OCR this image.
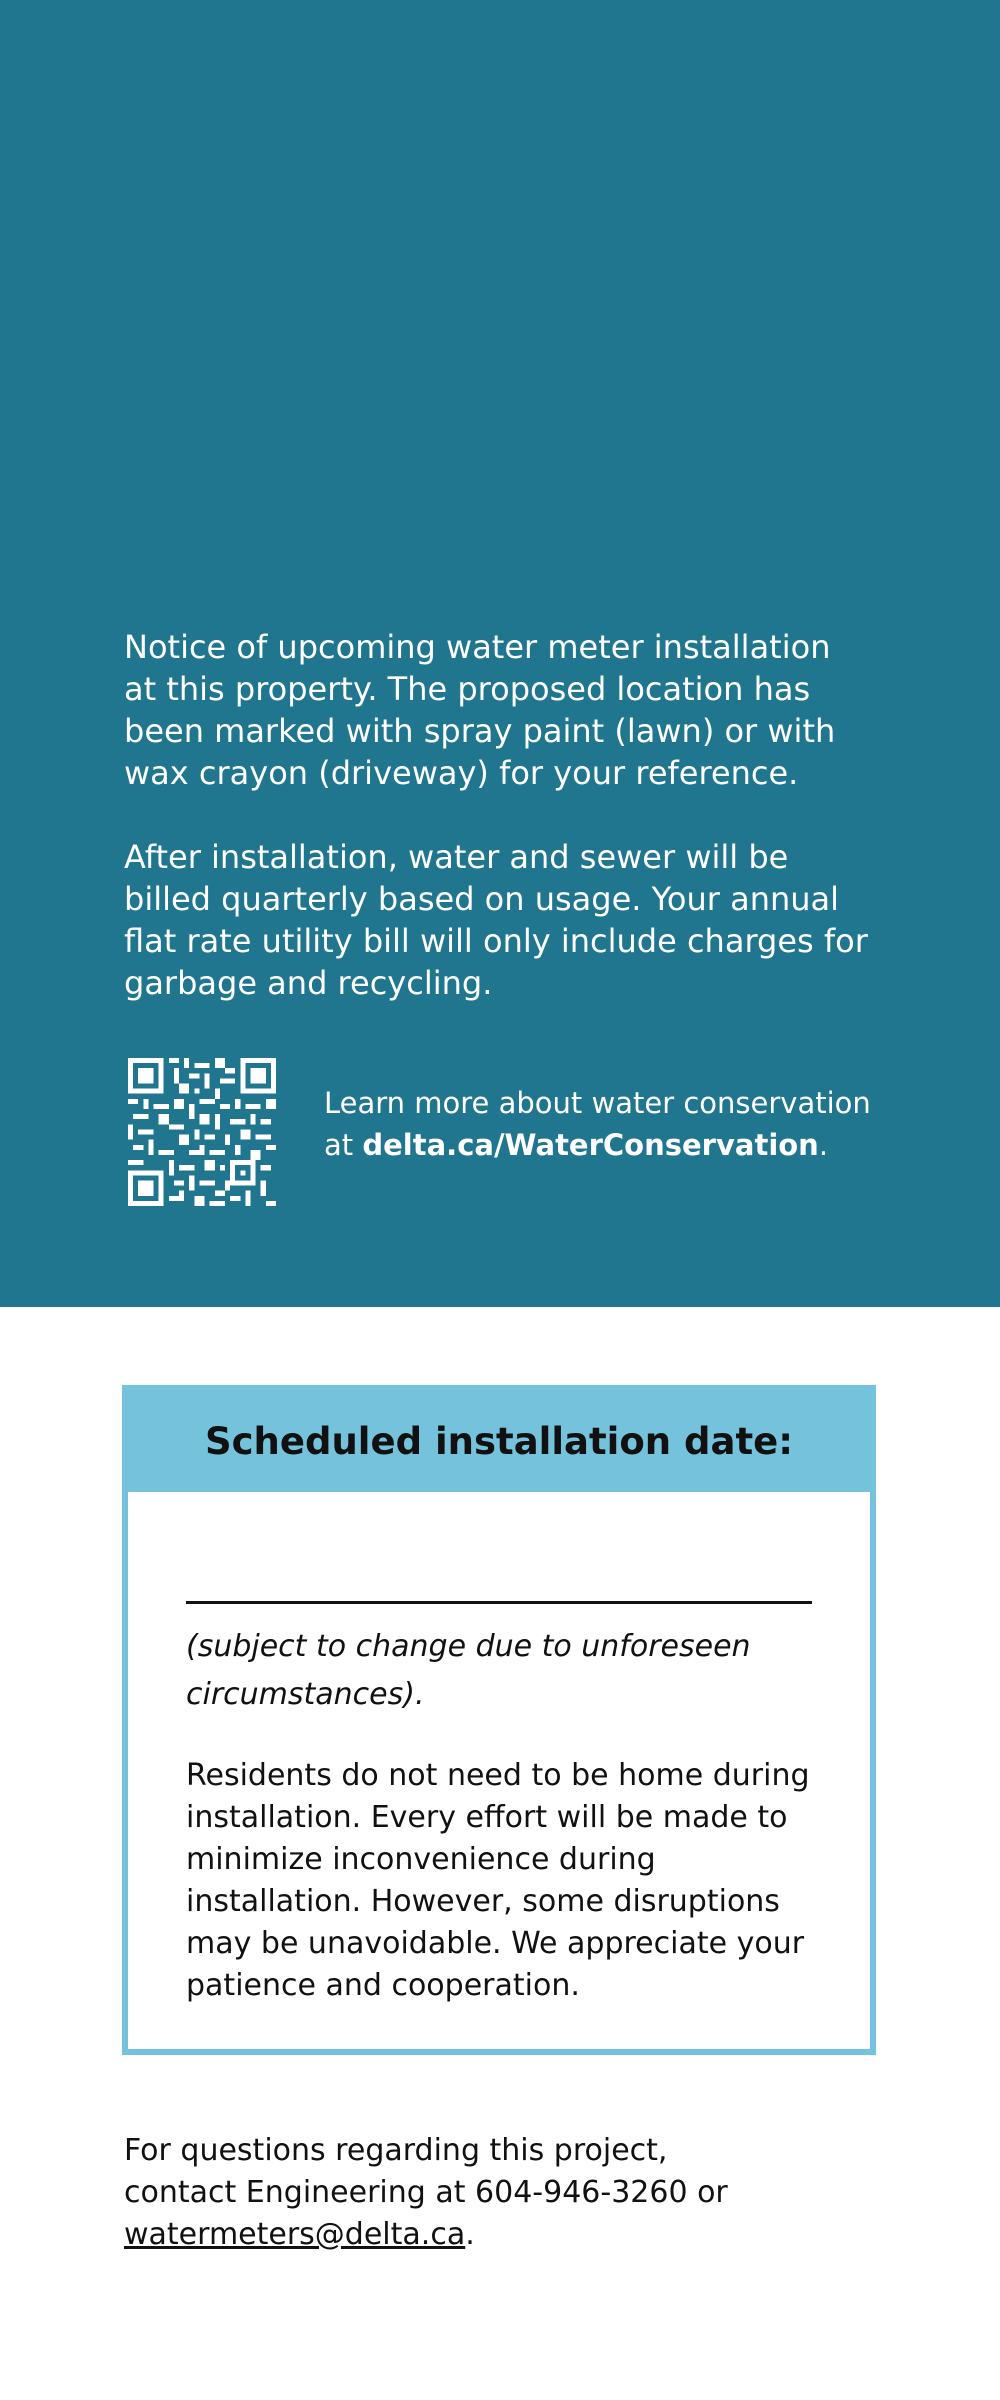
Notice of upcoming water meter installation
at this property. The proposed location has
been marked with spray paint (lawn) or with
wax crayon (driveway) for your reference.

After installation, water and sewer will be
billed quarterly based on usage. Your annual
flat rate utility bill will only include charges for
garbage and recycling.

Learn more about water conservation
at delta.ca/WaterConservation.
Scheduled installation date:

(subject to change due to unforeseen
circumstances).

Residents do not need to be home during
installation. Every effort will be made to
minimize inconvenience during
installation. However, some disruptions
may be unavoidable. We appreciate your
patience and cooperation.

For questions regarding this project,
contact Engineering at 604-946-3260 or
watermeters@delta.ca.
